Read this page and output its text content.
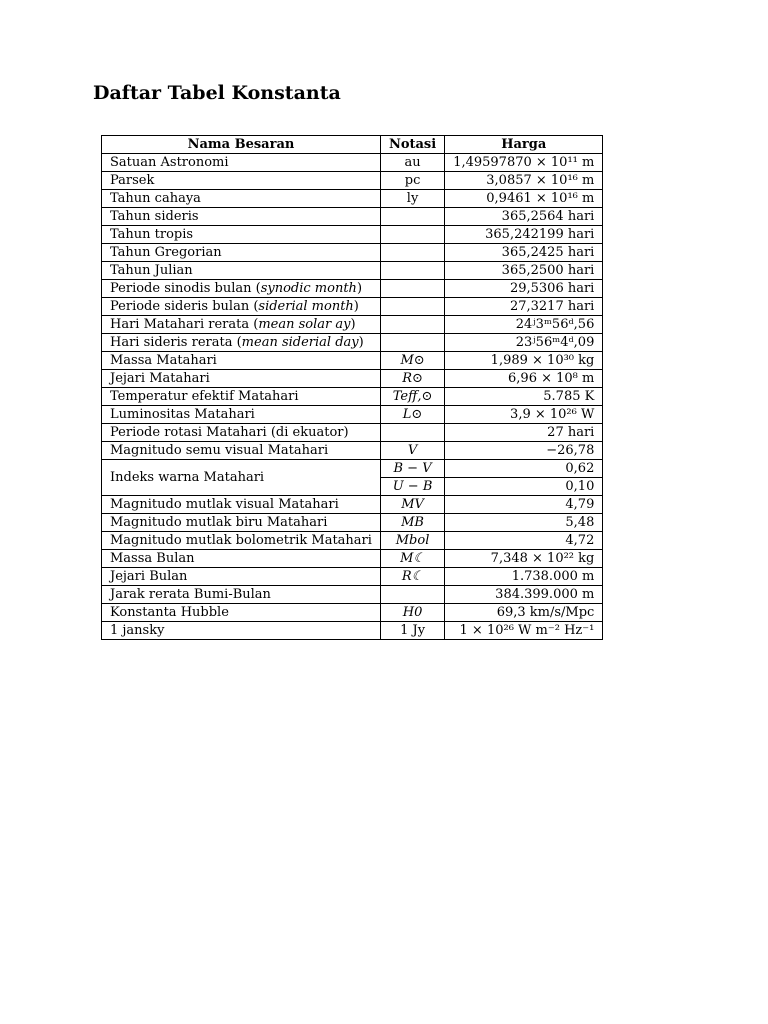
Daftar Tabel Konstanta
Nama Besaran	Notasi	Harga
Satuan Astronomi	au	1,49597870 × 10¹¹ m
Parsek	pc	3,0857 × 10¹⁶ m
Tahun cahaya	ly	0,9461 × 10¹⁶ m
Tahun sideris		365,2564 hari
Tahun tropis		365,242199 hari
Tahun Gregorian		365,2425 hari
Tahun Julian		365,2500 hari
Periode sinodis bulan (synodic month)		29,5306 hari
Periode sideris bulan (siderial month)		27,3217 hari
Hari Matahari rerata (mean solar ay)		24ʲ3ᵐ56ᵈ,56
Hari sideris rerata (mean siderial day)		23ʲ56ᵐ4ᵈ,09
Massa Matahari	M⊙	1,989 × 10³⁰ kg
Jejari Matahari	R⊙	6,96 × 10⁸ m
Temperatur efektif Matahari	Teff,⊙	5.785 K
Luminositas Matahari	L⊙	3,9 × 10²⁶ W
Periode rotasi Matahari (di ekuator)		27 hari
Magnitudo semu visual Matahari	V	−26,78
Indeks warna Matahari	B − V	0,62
	U − B	0,10
Magnitudo mutlak visual Matahari	MV	4,79
Magnitudo mutlak biru Matahari	MB	5,48
Magnitudo mutlak bolometrik Matahari	Mbol	4,72
Massa Bulan	M☾	7,348 × 10²² kg
Jejari Bulan	R☾	1.738.000 m
Jarak rerata Bumi-Bulan		384.399.000 m
Konstanta Hubble	H0	69,3 km/s/Mpc
1 jansky	1 Jy	1 × 10²⁶ W m⁻² Hz⁻¹
